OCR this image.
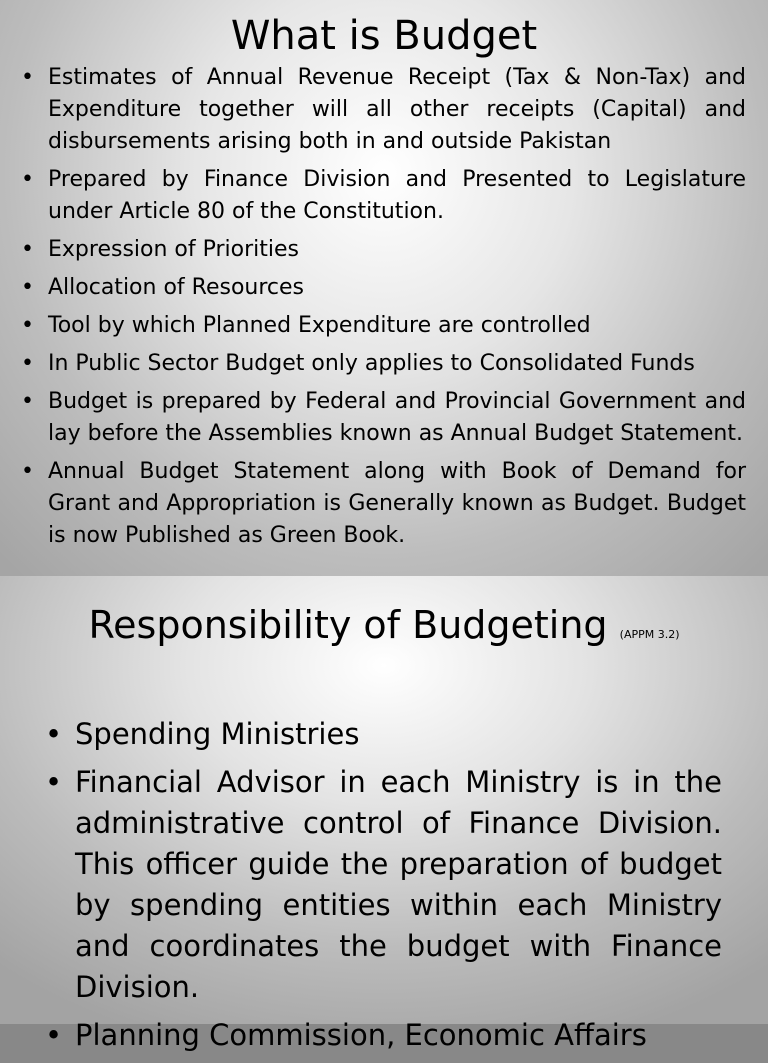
What is Budget
• Estimates of Annual Revenue Receipt (Tax & Non-Tax) and Expenditure together will all other receipts (Capital) and disbursements arising both in and outside Pakistan
• Prepared by Finance Division and Presented to Legislature under Article 80 of the Constitution.
• Expression of Priorities
• Allocation of Resources
• Tool by which Planned Expenditure are controlled
• In Public Sector Budget only applies to Consolidated Funds
• Budget is prepared by Federal and Provincial Government and lay before the Assemblies known as Annual Budget Statement.
• Annual Budget Statement along with Book of Demand for Grant and Appropriation is Generally known as Budget. Budget is now Published as Green Book.
Responsibility of Budgeting (APPM 3.2)
• Spending Ministries
• Financial Advisor in each Ministry is in the administrative control of Finance Division. This officer guide the preparation of budget by spending entities within each Ministry and coordinates the budget with Finance Division.
• Planning Commission, Economic Affairs
